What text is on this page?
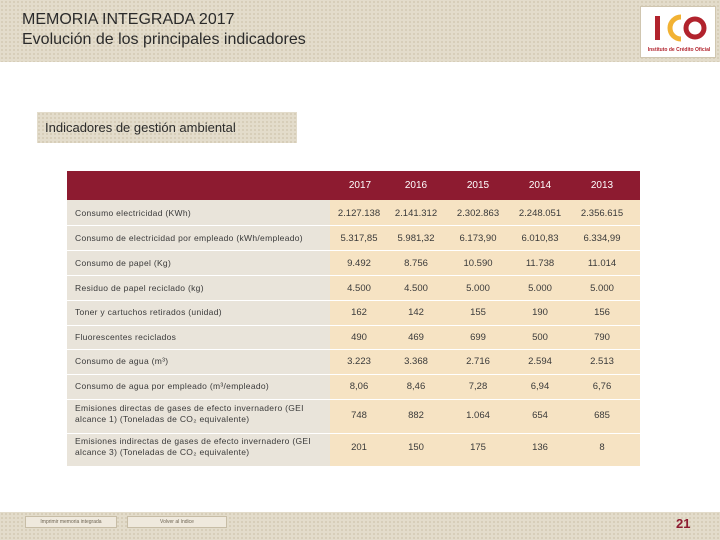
MEMORIA INTEGRADA 2017
Evolución de los principales indicadores
Instituto de Crédito Oficial
Indicadores de gestión ambiental
2017	2016	2015	2014	2013
Consumo electricidad (KWh)	2.127.138	2.141.312	2.302.863	2.248.051	2.356.615
Consumo de electricidad por empleado (kWh/empleado)	5.317,85	5.981,32	6.173,90	6.010,83	6.334,99
Consumo de papel (Kg)	9.492	8.756	10.590	11.738	11.014
Residuo de papel reciclado (kg)	4.500	4.500	5.000	5.000	5.000
Toner y cartuchos retirados (unidad)	162	142	155	190	156
Fluorescentes reciclados	490	469	699	500	790
Consumo de agua (m³)	3.223	3.368	2.716	2.594	2.513
Consumo de agua por empleado (m³/empleado)	8,06	8,46	7,28	6,94	6,76
Emisiones directas de gases de efecto invernadero (GEI alcance 1) (Toneladas de CO₂ equivalente)	748	882	1.064	654	685
Emisiones indirectas de gases de efecto invernadero (GEI alcance 3) (Toneladas de CO₂ equivalente)	201	150	175	136	8
Imprimir memoria integrada	Volver al índice	21
